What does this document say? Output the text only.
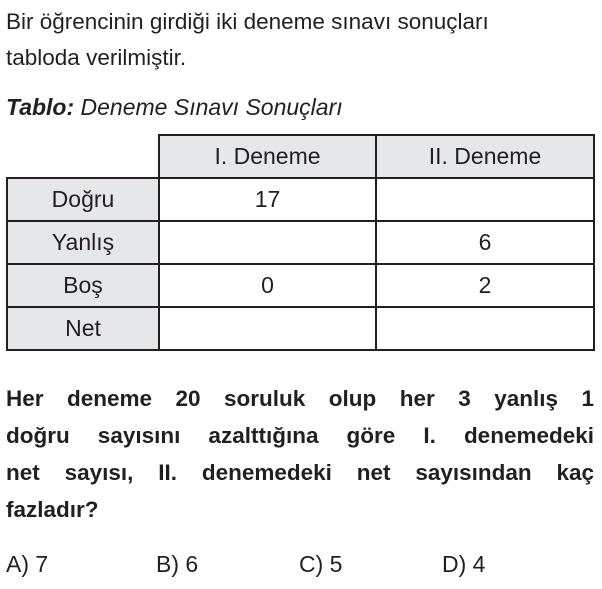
Bir öğrencinin girdiği iki deneme sınavı sonuçları
tabloda verilmiştir.
Tablo: Deneme Sınavı Sonuçları
	I. Deneme	II. Deneme
Doğru	17	
Yanlış		6
Boş	0	2
Net		
Her deneme 20 soruluk olup her 3 yanlış 1
doğru sayısını azalttığına göre I. denemedeki
net sayısı, II. denemedeki net sayısından kaç
fazladır?
A) 7	B) 6	C) 5	D) 4
